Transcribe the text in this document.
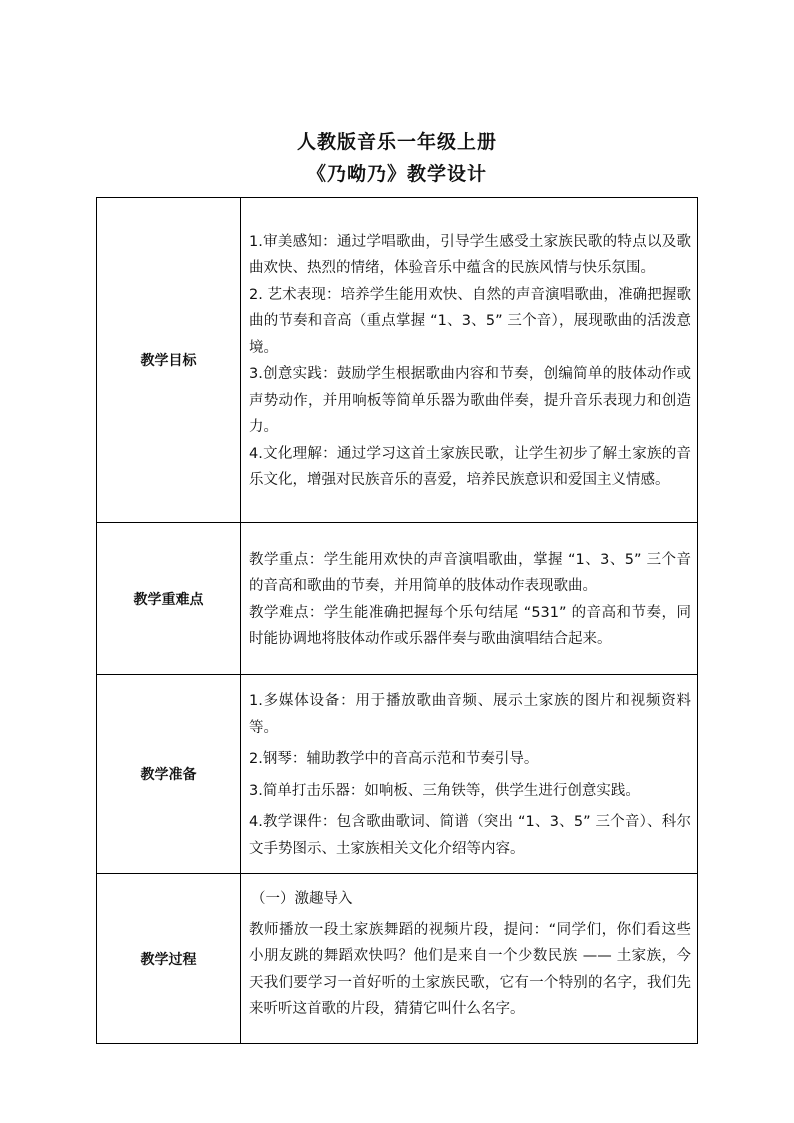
人教版音乐一年级上册
《乃呦乃》教学设计
教学目标	1.审美感知：通过学唱歌曲，引导学生感受土家族民歌的特点以及歌曲欢快、热烈的情绪，体验音乐中蕴含的民族风情与快乐氛围。

2. 艺术表现：培养学生能用欢快、自然的声音演唱歌曲，准确把握歌曲的节奏和音高（重点掌握 “1、3、5” 三个音），展现歌曲的活泼意境。

3.创意实践：鼓励学生根据歌曲内容和节奏，创编简单的肢体动作或声势动作，并用响板等简单乐器为歌曲伴奏，提升音乐表现力和创造力。

4.文化理解：通过学习这首土家族民歌，让学生初步了解土家族的音乐文化，增强对民族音乐的喜爱，培养民族意识和爱国主义情感。

教学重难点	教学重点：学生能用欢快的声音演唱歌曲，掌握 “1、3、5” 三个音的音高和歌曲的节奏，并用简单的肢体动作表现歌曲。

教学难点：学生能准确把握每个乐句结尾 “531” 的音高和节奏，同时能协调地将肢体动作或乐器伴奏与歌曲演唱结合起来。

教学准备	1.多媒体设备：用于播放歌曲音频、展示土家族的图片和视频资料等。

2.钢琴：辅助教学中的音高示范和节奏引导。

3.简单打击乐器：如响板、三角铁等，供学生进行创意实践。

4.教学课件：包含歌曲歌词、简谱（突出 “1、3、5” 三个音）、科尔文手势图示、土家族相关文化介绍等内容。

教学过程	（一）激趣导入

教师播放一段土家族舞蹈的视频片段，提问：“同学们，你们看这些小朋友跳的舞蹈欢快吗？他们是来自一个少数民族 —— 土家族，今天我们要学习一首好听的土家族民歌，它有一个特别的名字，我们先来听听这首歌的片段，猜猜它叫什么名字。
